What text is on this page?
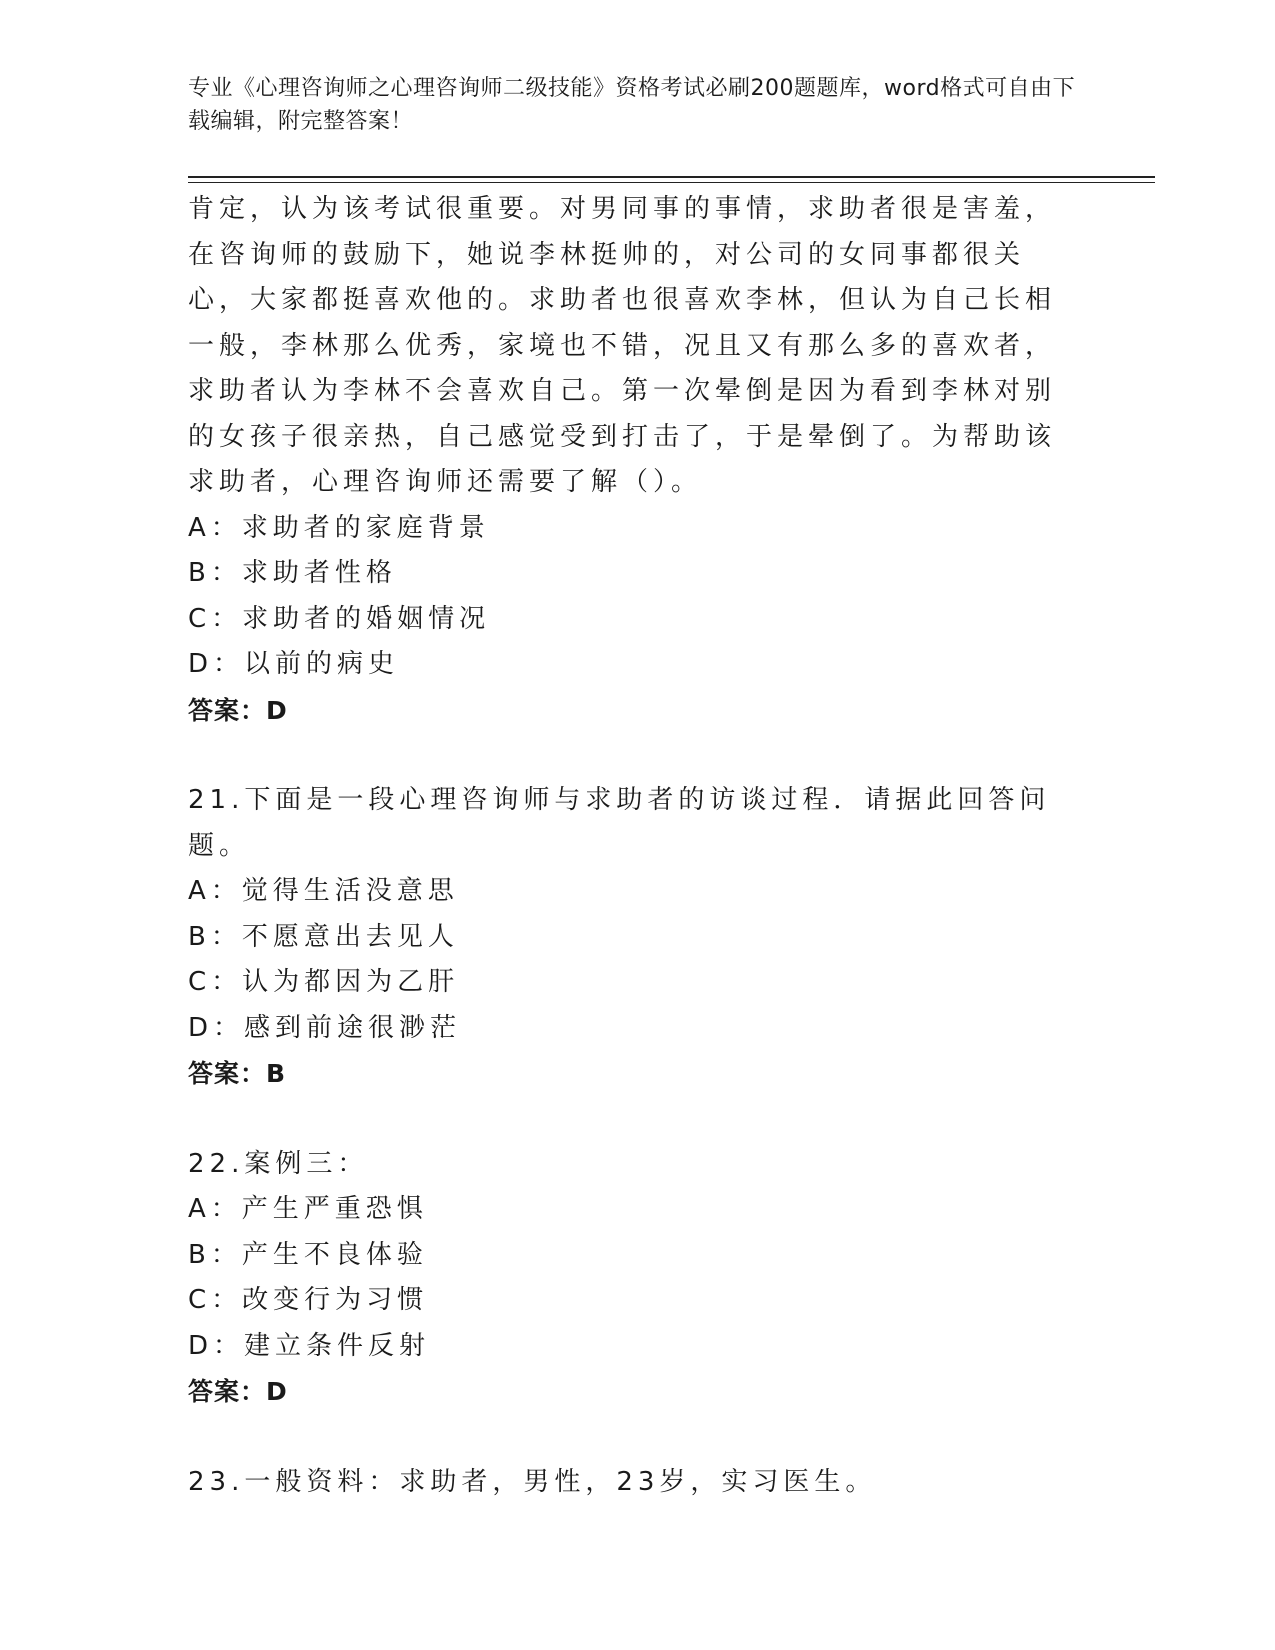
专业《心理咨询师之心理咨询师二级技能》资格考试必刷200题题库，word格式可自由下载编辑，附完整答案！

肯定，认为该考试很重要。对男同事的事情，求助者很是害羞，在咨询师的鼓励下，她说李林挺帅的，对公司的女同事都很关心，大家都挺喜欢他的。求助者也很喜欢李林，但认为自己长相一般，李林那么优秀，家境也不错，况且又有那么多的喜欢者，求助者认为李林不会喜欢自己。第一次晕倒是因为看到李林对别的女孩子很亲热，自己感觉受到打击了，于是晕倒了。为帮助该求助者，心理咨询师还需要了解（）。

A：求助者的家庭背景

B：求助者性格

C：求助者的婚姻情况

D：以前的病史

答案：D

21.下面是一段心理咨询师与求助者的访谈过程．请据此回答问题。

A：觉得生活没意思

B：不愿意出去见人

C：认为都因为乙肝

D：感到前途很渺茫

答案：B

22.案例三：

A：产生严重恐惧

B：产生不良体验

C：改变行为习惯

D：建立条件反射

答案：D

23.一般资料：求助者，男性，23岁，实习医生。
